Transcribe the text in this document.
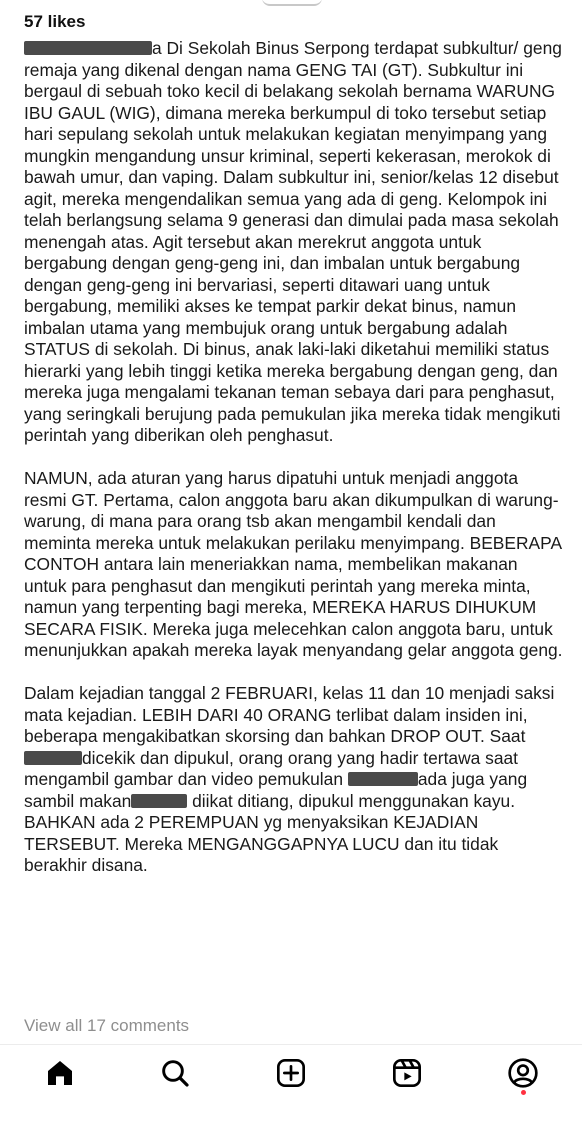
57 likes

a Di Sekolah Binus Serpong terdapat subkultur/ geng remaja yang dikenal dengan nama GENG TAI (GT). Subkultur ini bergaul di sebuah toko kecil di belakang sekolah bernama WARUNG IBU GAUL (WIG), dimana mereka berkumpul di toko tersebut setiap hari sepulang sekolah untuk melakukan kegiatan menyimpang yang mungkin mengandung unsur kriminal, seperti kekerasan, merokok di bawah umur, dan vaping. Dalam subkultur ini, senior/kelas 12 disebut agit, mereka mengendalikan semua yang ada di geng. Kelompok ini telah berlangsung selama 9 generasi dan dimulai pada masa sekolah menengah atas. Agit tersebut akan merekrut anggota untuk bergabung dengan geng-geng ini, dan imbalan untuk bergabung dengan geng-geng ini bervariasi, seperti ditawari uang untuk bergabung, memiliki akses ke tempat parkir dekat binus, namun imbalan utama yang membujuk orang untuk bergabung adalah STATUS di sekolah. Di binus, anak laki-laki diketahui memiliki status hierarki yang lebih tinggi ketika mereka bergabung dengan geng, dan mereka juga mengalami tekanan teman sebaya dari para penghasut, yang seringkali berujung pada pemukulan jika mereka tidak mengikuti perintah yang diberikan oleh penghasut.

NAMUN, ada aturan yang harus dipatuhi untuk menjadi anggota resmi GT. Pertama, calon anggota baru akan dikumpulkan di warung-warung, di mana para orang tsb akan mengambil kendali dan meminta mereka untuk melakukan perilaku menyimpang. BEBERAPA CONTOH antara lain meneriakkan nama, membelikan makanan untuk para penghasut dan mengikuti perintah yang mereka minta, namun yang terpenting bagi mereka, MEREKA HARUS DIHUKUM SECARA FISIK. Mereka juga melecehkan calon anggota baru, untuk menunjukkan apakah mereka layak menyandang gelar anggota geng.

Dalam kejadian tanggal 2 FEBRUARI, kelas 11 dan 10 menjadi saksi mata kejadian. LEBIH DARI 40 ORANG terlibat dalam insiden ini, beberapa mengakibatkan skorsing dan bahkan DROP OUT. Saatdicekik dan dipukul, orang orang yang hadir tertawa saat mengambil gambar dan video pemukulan	ada juga yang sambil makan	diikat ditiang, dipukul menggunakan kayu. BAHKAN ada 2 PEREMPUAN yg menyaksikan KEJADIAN TERSEBUT. Mereka MENGANGGAPNYA LUCU dan itu tidak berakhir disana.

View all 17 comments
